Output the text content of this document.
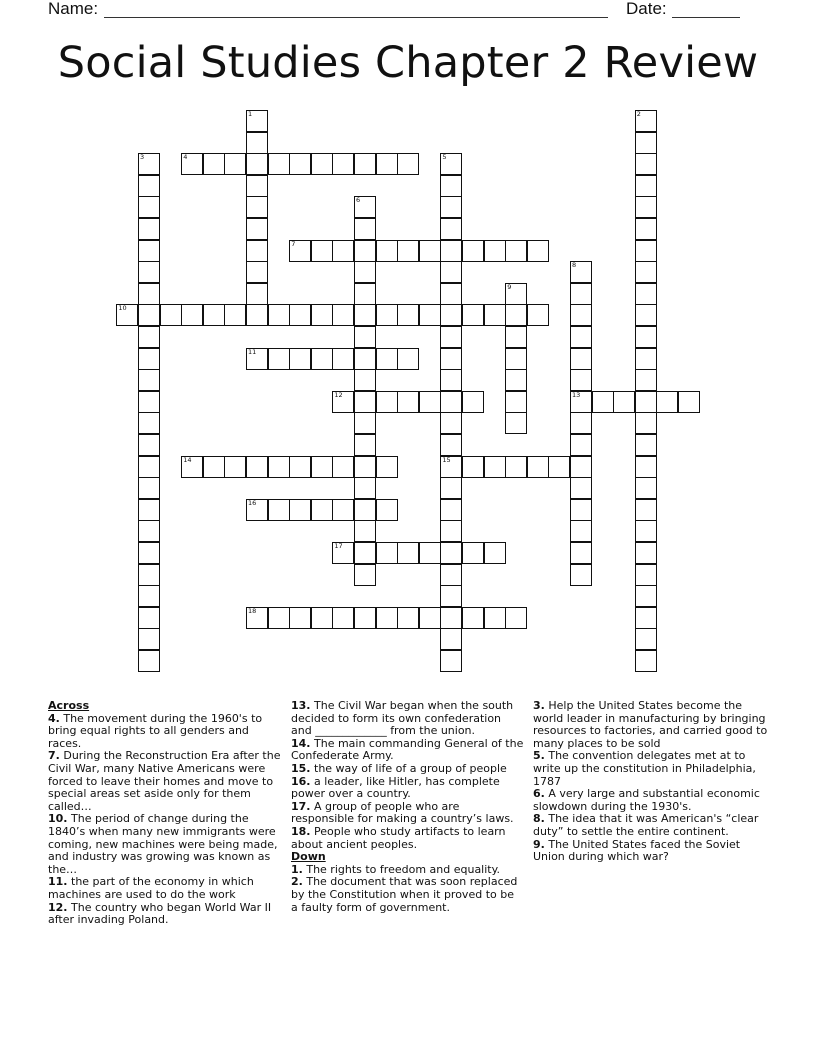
Name:	Date:
Social Studies Chapter 2 Review
1	2
3	4	5
15
6
7
8
13
9
10
11
12
14
16
17
18
Across
4. The movement during the 1960's to bring equal rights to all genders and races.
7. During the Reconstruction Era after the Civil War, many Native Americans were forced to leave their homes and move to special areas set aside only for them called…
10. The period of change during the 1840’s when many new immigrants were coming, new machines were being made, and industry was growing was known as the…
11. the part of the economy in which machines are used to do the work
12. The country who began World War II after invading Poland.
13. The Civil War began when the south decided to form its own confederation and _____________ from the union.
14. The main commanding General of the Confederate Army.
15. the way of life of a group of people
16. a leader, like Hitler, has complete power over a country.
17. A group of people who are responsible for making a country’s laws.
18. People who study artifacts to learn about ancient peoples.
Down
1. The rights to freedom and equality.
2. The document that was soon replaced by the Constitution when it proved to be a faulty form of government.
3. Help the United States become the world leader in manufacturing by bringing resources to factories, and carried good to many places to be sold
5. The convention delegates met at to write up the constitution in Philadelphia, 1787
6. A very large and substantial economic slowdown during the 1930's.
8. The idea that it was American's “clear duty” to settle the entire continent.
9. The United States faced the Soviet Union during which war?
